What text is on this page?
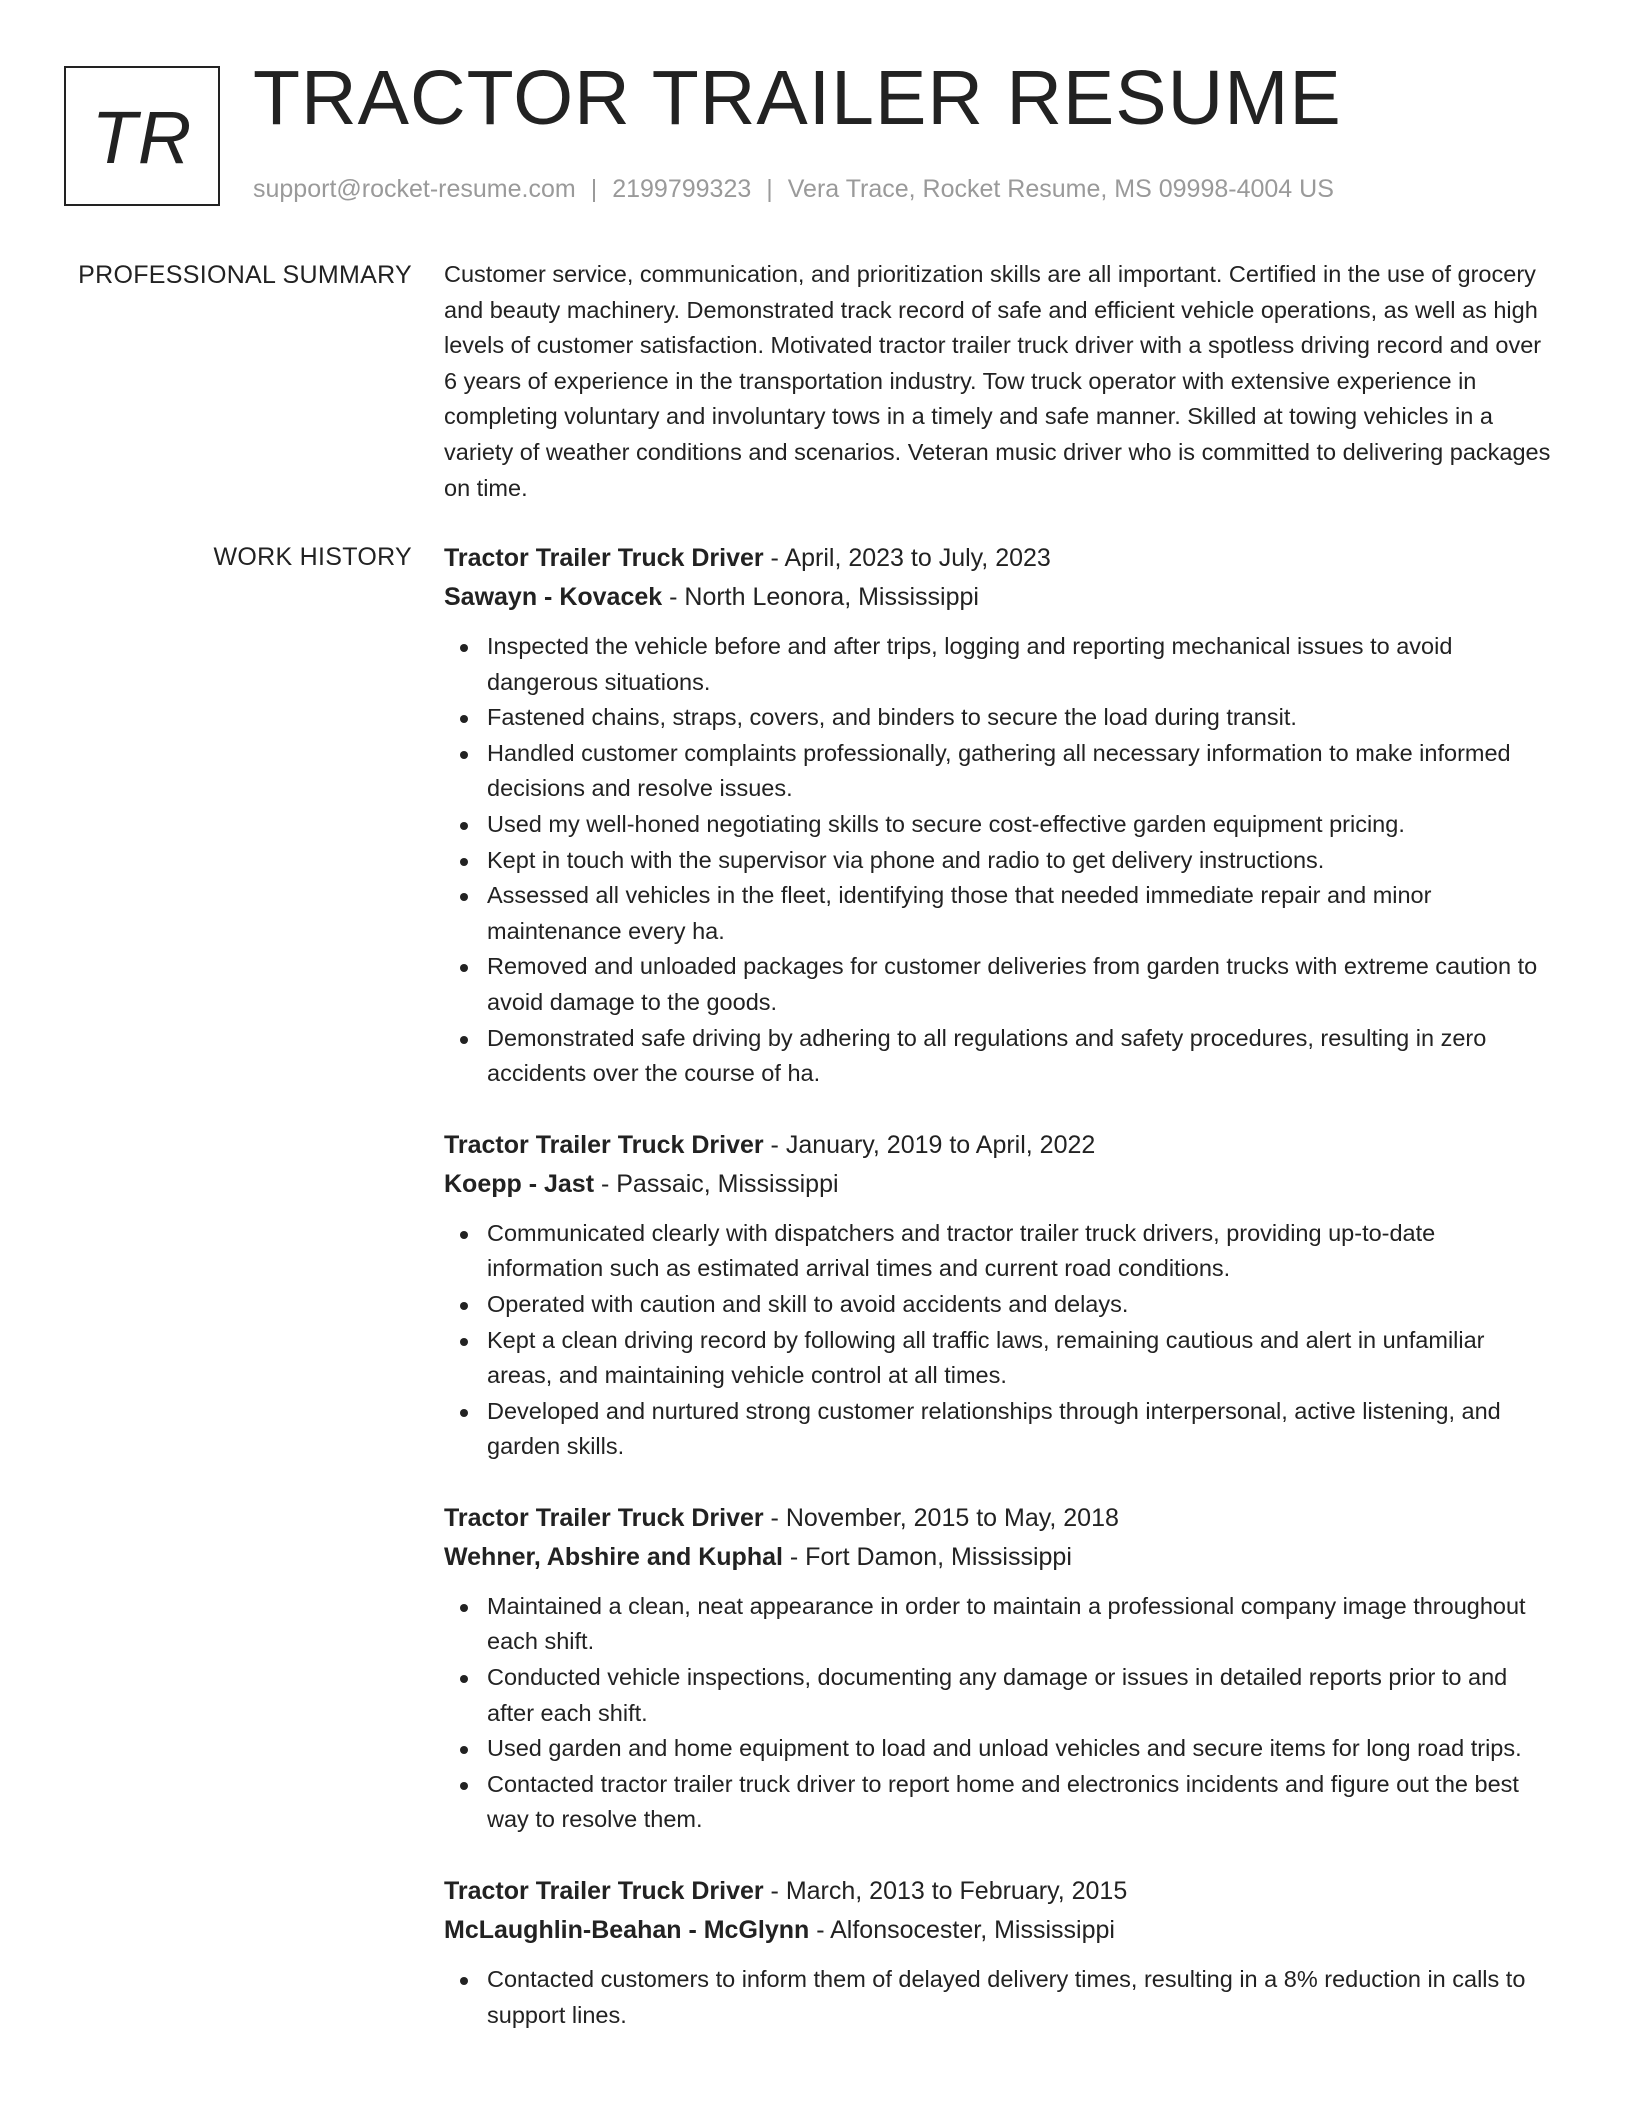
TR TRACTOR TRAILER RESUME
support@rocket-resume.com | 2199799323 | Vera Trace, Rocket Resume, MS 09998-4004 US
PROFESSIONAL SUMMARY Customer service, communication, and prioritization skills are all important. Certified in the use of grocery and beauty machinery. Demonstrated track record of safe and efficient vehicle operations, as well as high levels of customer satisfaction. Motivated tractor trailer truck driver with a spotless driving record and over 6 years of experience in the transportation industry. Tow truck operator with extensive experience in completing voluntary and involuntary tows in a timely and safe manner. Skilled at towing vehicles in a variety of weather conditions and scenarios. Veteran music driver who is committed to delivering packages on time.

WORK HISTORY Tractor Trailer Truck Driver - April, 2023 to July, 2023
Sawayn - Kovacek - North Leonora, Mississippi
Inspected the vehicle before and after trips, logging and reporting mechanical issues to avoid dangerous situations.
Fastened chains, straps, covers, and binders to secure the load during transit.
Handled customer complaints professionally, gathering all necessary information to make informed decisions and resolve issues.
Used my well-honed negotiating skills to secure cost-effective garden equipment pricing.
Kept in touch with the supervisor via phone and radio to get delivery instructions.
Assessed all vehicles in the fleet, identifying those that needed immediate repair and minor maintenance every ha.
Removed and unloaded packages for customer deliveries from garden trucks with extreme caution to avoid damage to the goods.
Demonstrated safe driving by adhering to all regulations and safety procedures, resulting in zero accidents over the course of ha.
Tractor Trailer Truck Driver - January, 2019 to April, 2022
Koepp - Jast - Passaic, Mississippi
Communicated clearly with dispatchers and tractor trailer truck drivers, providing up-to-date information such as estimated arrival times and current road conditions.
Operated with caution and skill to avoid accidents and delays.
Kept a clean driving record by following all traffic laws, remaining cautious and alert in unfamiliar areas, and maintaining vehicle control at all times.
Developed and nurtured strong customer relationships through interpersonal, active listening, and garden skills.
Tractor Trailer Truck Driver - November, 2015 to May, 2018
Wehner, Abshire and Kuphal - Fort Damon, Mississippi
Maintained a clean, neat appearance in order to maintain a professional company image throughout each shift.
Conducted vehicle inspections, documenting any damage or issues in detailed reports prior to and after each shift.
Used garden and home equipment to load and unload vehicles and secure items for long road trips.
Contacted tractor trailer truck driver to report home and electronics incidents and figure out the best way to resolve them.
Tractor Trailer Truck Driver - March, 2013 to February, 2015
McLaughlin-Beahan - McGlynn - Alfonsocester, Mississippi
Contacted customers to inform them of delayed delivery times, resulting in a 8% reduction in calls to support lines.
